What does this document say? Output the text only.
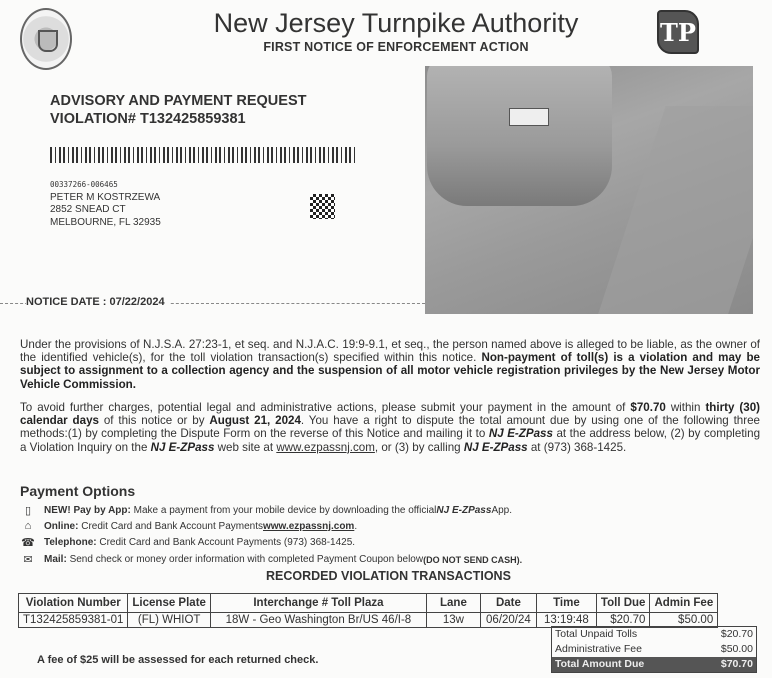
New Jersey Turnpike Authority
FIRST NOTICE OF ENFORCEMENT ACTION	TP
ADVISORY AND PAYMENT REQUEST
VIOLATION# T132425859381
00337266-006465
PETER M KOSTRZEWA
2852 SNEAD CT
MELBOURNE, FL 32935
NOTICE DATE : 07/22/2024
Under the provisions of N.J.S.A. 27:23-1, et seq. and N.J.A.C. 19:9-9.1, et seq., the person named above is alleged to be liable, as the owner of the identified vehicle(s), for the toll violation transaction(s) specified within this notice. Non-payment of toll(s) is a violation and may be subject to assignment to a collection agency and the suspension of all motor vehicle registration privileges by the New Jersey Motor Vehicle Commission.
To avoid further charges, potential legal and administrative actions, please submit your payment in the amount of $70.70 within thirty (30) calendar days of this notice or by August 21, 2024. You have a right to dispute the total amount due by using one of the following three methods:(1) by completing the Dispute Form on the reverse of this Notice and mailing it to NJ E-ZPass at the address below, (2) by completing a Violation Inquiry on the NJ E-ZPass web site at www.ezpassnj.com, or (3) by calling NJ E-ZPass at (973) 368-1425.
Payment Options
▯	NEW! Pay by App:
Make a payment from your mobile device by downloading the official NJ E-ZPass App.
⌂	Online:
Credit Card and Bank Account Payments www.ezpassnj.com .
☎ Telephone:
Credit Card and Bank Account Payments (973) 368-1425.
✉	Mail:
Send check or money order information with completed Payment Coupon below (DO NOT SEND CASH).
RECORDED VIOLATION TRANSACTIONS
Violation Number	License Plate	Interchange # Toll Plaza	Lane	Date	Time	Toll Due	Admin Fee
T132425859381-01	(FL) WHIOT	18W - Geo Washington Br/US 46/I-8	13w	06/20/24	13:19:48	$20.70	$50.00
Total Unpaid Tolls	$20.70
Administrative Fee	$50.00
Total Amount Due	$70.70
A fee of $25 will be assessed for each returned check.
